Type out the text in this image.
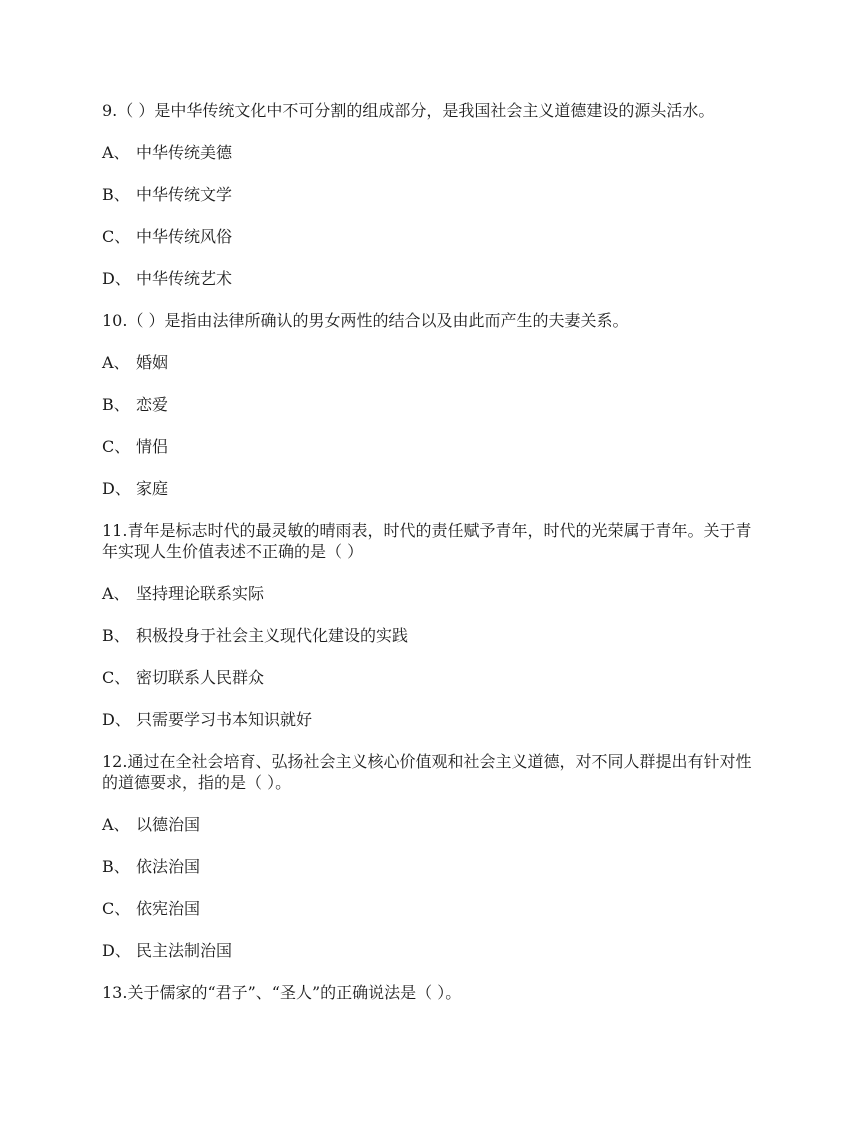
9.（ ）是中华传统文化中不可分割的组成部分，是我国社会主义道德建设的源头活水。
A、 中华传统美德
B、 中华传统文学
C、 中华传统风俗
D、 中华传统艺术
10.（ ）是指由法律所确认的男女两性的结合以及由此而产生的夫妻关系。
A、 婚姻
B、 恋爱
C、 情侣
D、 家庭
11.青年是标志时代的最灵敏的晴雨表，时代的责任赋予青年，时代的光荣属于青年。关于青年实现人生价值表述不正确的是（ ）
A、 坚持理论联系实际
B、 积极投身于社会主义现代化建设的实践
C、 密切联系人民群众
D、 只需要学习书本知识就好
12.通过在全社会培育、弘扬社会主义核心价值观和社会主义道德，对不同人群提出有针对性的道德要求，指的是（ ）。
A、 以德治国
B、 依法治国
C、 依宪治国
D、 民主法制治国
13.关于儒家的“君子”、“圣人”的正确说法是（ ）。
